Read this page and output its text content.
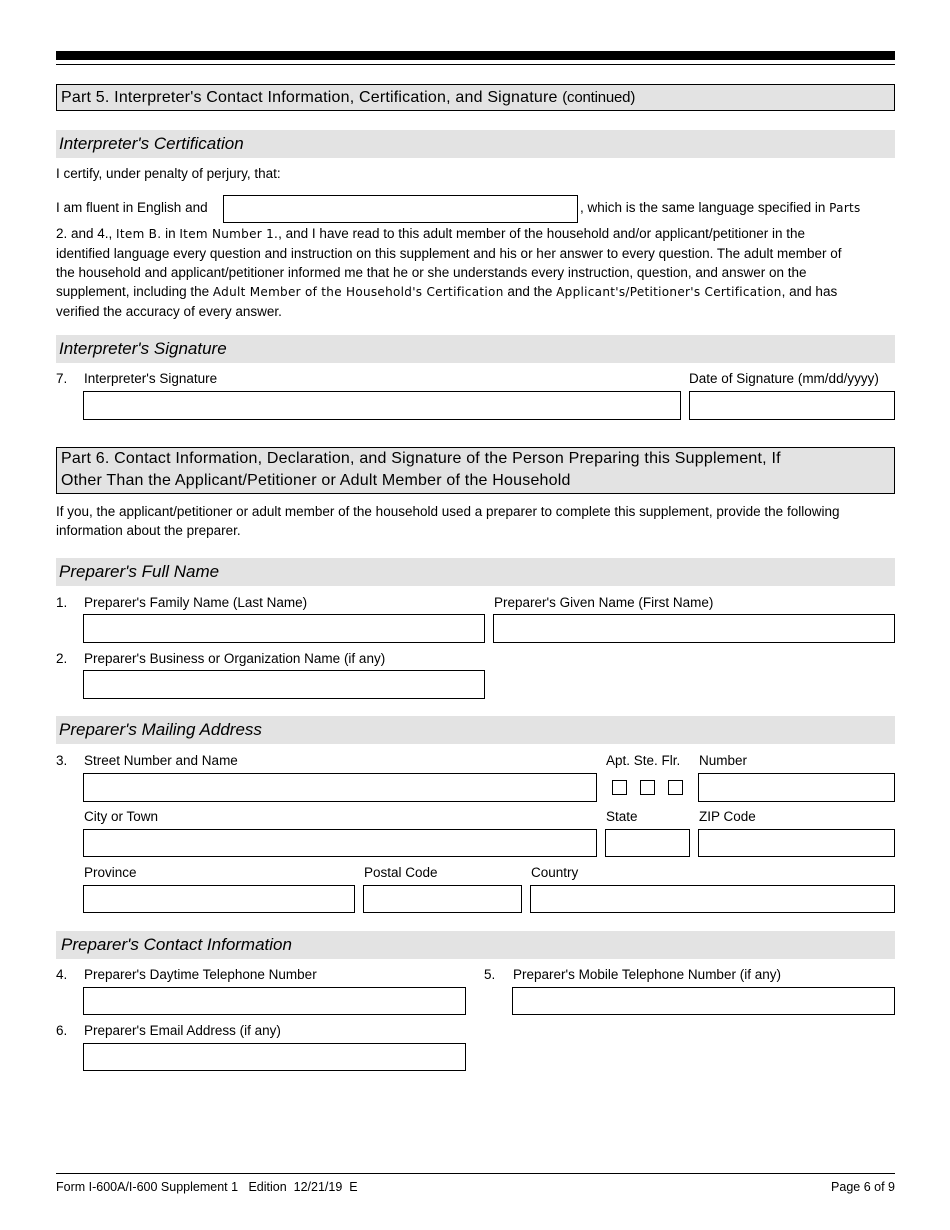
Part 5. Interpreter's Contact Information, Certification, and Signature (continued)
Interpreter's Certification
I certify, under penalty of perjury, that:
I am fluent in English and	, which is the same language specified in Parts
2. and 4., Item B. in Item Number 1., and I have read to this adult member of the household and/or applicant/petitioner in the
identified language every question and instruction on this supplement and his or her answer to every question. The adult member of
the household and applicant/petitioner informed me that he or she understands every instruction, question, and answer on the
supplement, including the Adult Member of the Household's Certification and the Applicant's/Petitioner's Certification, and has
verified the accuracy of every answer.
Interpreter's Signature
7. Interpreter's Signature	Date of Signature (mm/dd/yyyy)
Part 6. Contact Information, Declaration, and Signature of the Person Preparing this Supplement, If
Other Than the Applicant/Petitioner or Adult Member of the Household
If you, the applicant/petitioner or adult member of the household used a preparer to complete this supplement, provide the following
information about the preparer.
Preparer's Full Name
1. Preparer's Family Name (Last Name)	Preparer's Given Name (First Name)
2. Preparer's Business or Organization Name (if any)
Preparer's Mailing Address
3. Street Number and Name	Apt. Ste. Flr. Number
City or Town	State	ZIP Code
Province	Postal Code	Country
Preparer's Contact Information
4. Preparer's Daytime Telephone Number	5. Preparer's Mobile Telephone Number (if any)
6. Preparer's Email Address (if any)
Form I-600A/I-600 Supplement 1   Edition  12/21/19  E	Page 6 of 9
